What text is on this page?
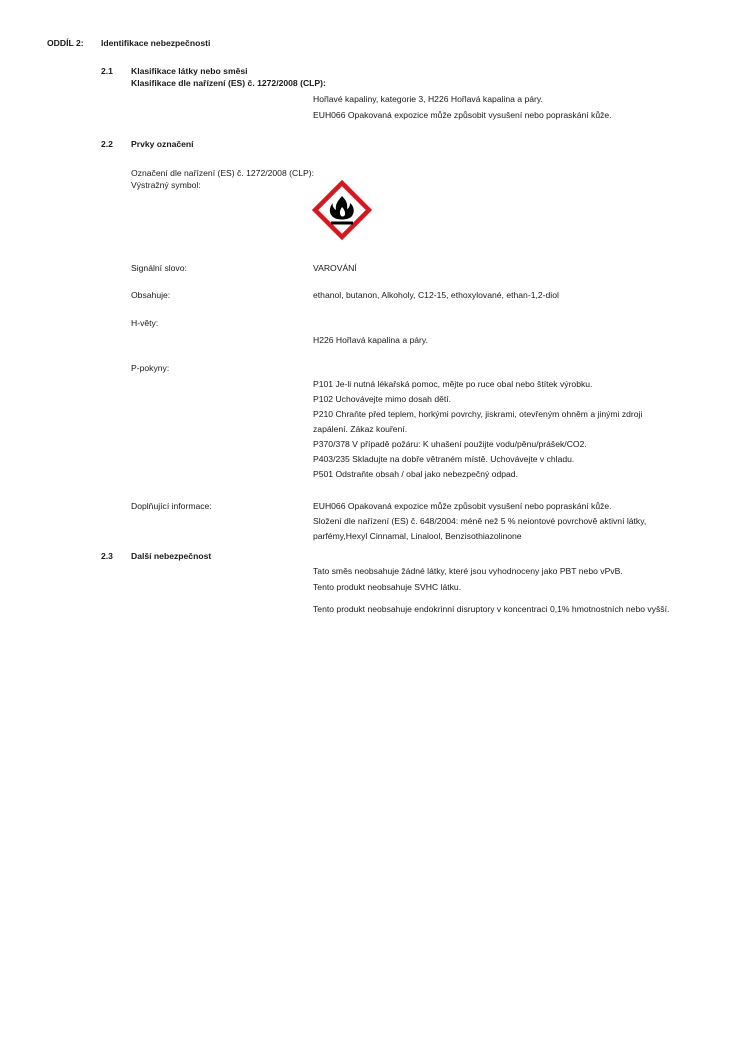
ODDÍL 2: Identifikace nebezpečnosti
2.1 Klasifikace látky nebo směsi
Klasifikace dle nařízení (ES) č. 1272/2008 (CLP):
Hořlavé kapaliny, kategorie 3, H226 Hořlavá kapalina a páry.
EUH066 Opakovaná expozice může způsobit vysušení nebo popraskání kůže.
2.2 Prvky označení
Označení dle nařízení (ES) č. 1272/2008 (CLP):
Výstražný symbol:
Signální slovo:	VAROVÁNÍ
Obsahuje:	ethanol, butanon, Alkoholy, C12-15, ethoxylované, ethan-1,2-diol
H-věty:
H226 Hořlavá kapalina a páry.
P-pokyny:
P101 Je-li nutná lékařská pomoc, mějte po ruce obal nebo štítek výrobku.
P102 Uchovávejte mimo dosah dětí.
P210 Chraňte před teplem, horkými povrchy, jiskrami, otevřeným ohněm a jinými zdroji
zapálení. Zákaz kouření.
P370/378 V případě požáru: K uhašení použijte vodu/pěnu/prášek/CO2.
P403/235 Skladujte na dobře větraném místě. Uchovávejte v chladu.
P501 Odstraňte obsah / obal jako nebezpečný odpad.
Doplňující informace:	EUH066 Opakovaná expozice může způsobit vysušení nebo popraskání kůže.
Složení dle nařízení (ES) č. 648/2004: méně než 5 % neiontové povrchově aktivní látky,
parfémy,Hexyl Cinnamal, Linalool, Benzisothiazolinone
2.3 Další nebezpečnost
Tato směs neobsahuje žádné látky, které jsou vyhodnoceny jako PBT nebo vPvB.
Tento produkt neobsahuje SVHC látku.
Tento produkt neobsahuje endokrinní disruptory v koncentraci 0,1% hmotnostních nebo vyšší.
